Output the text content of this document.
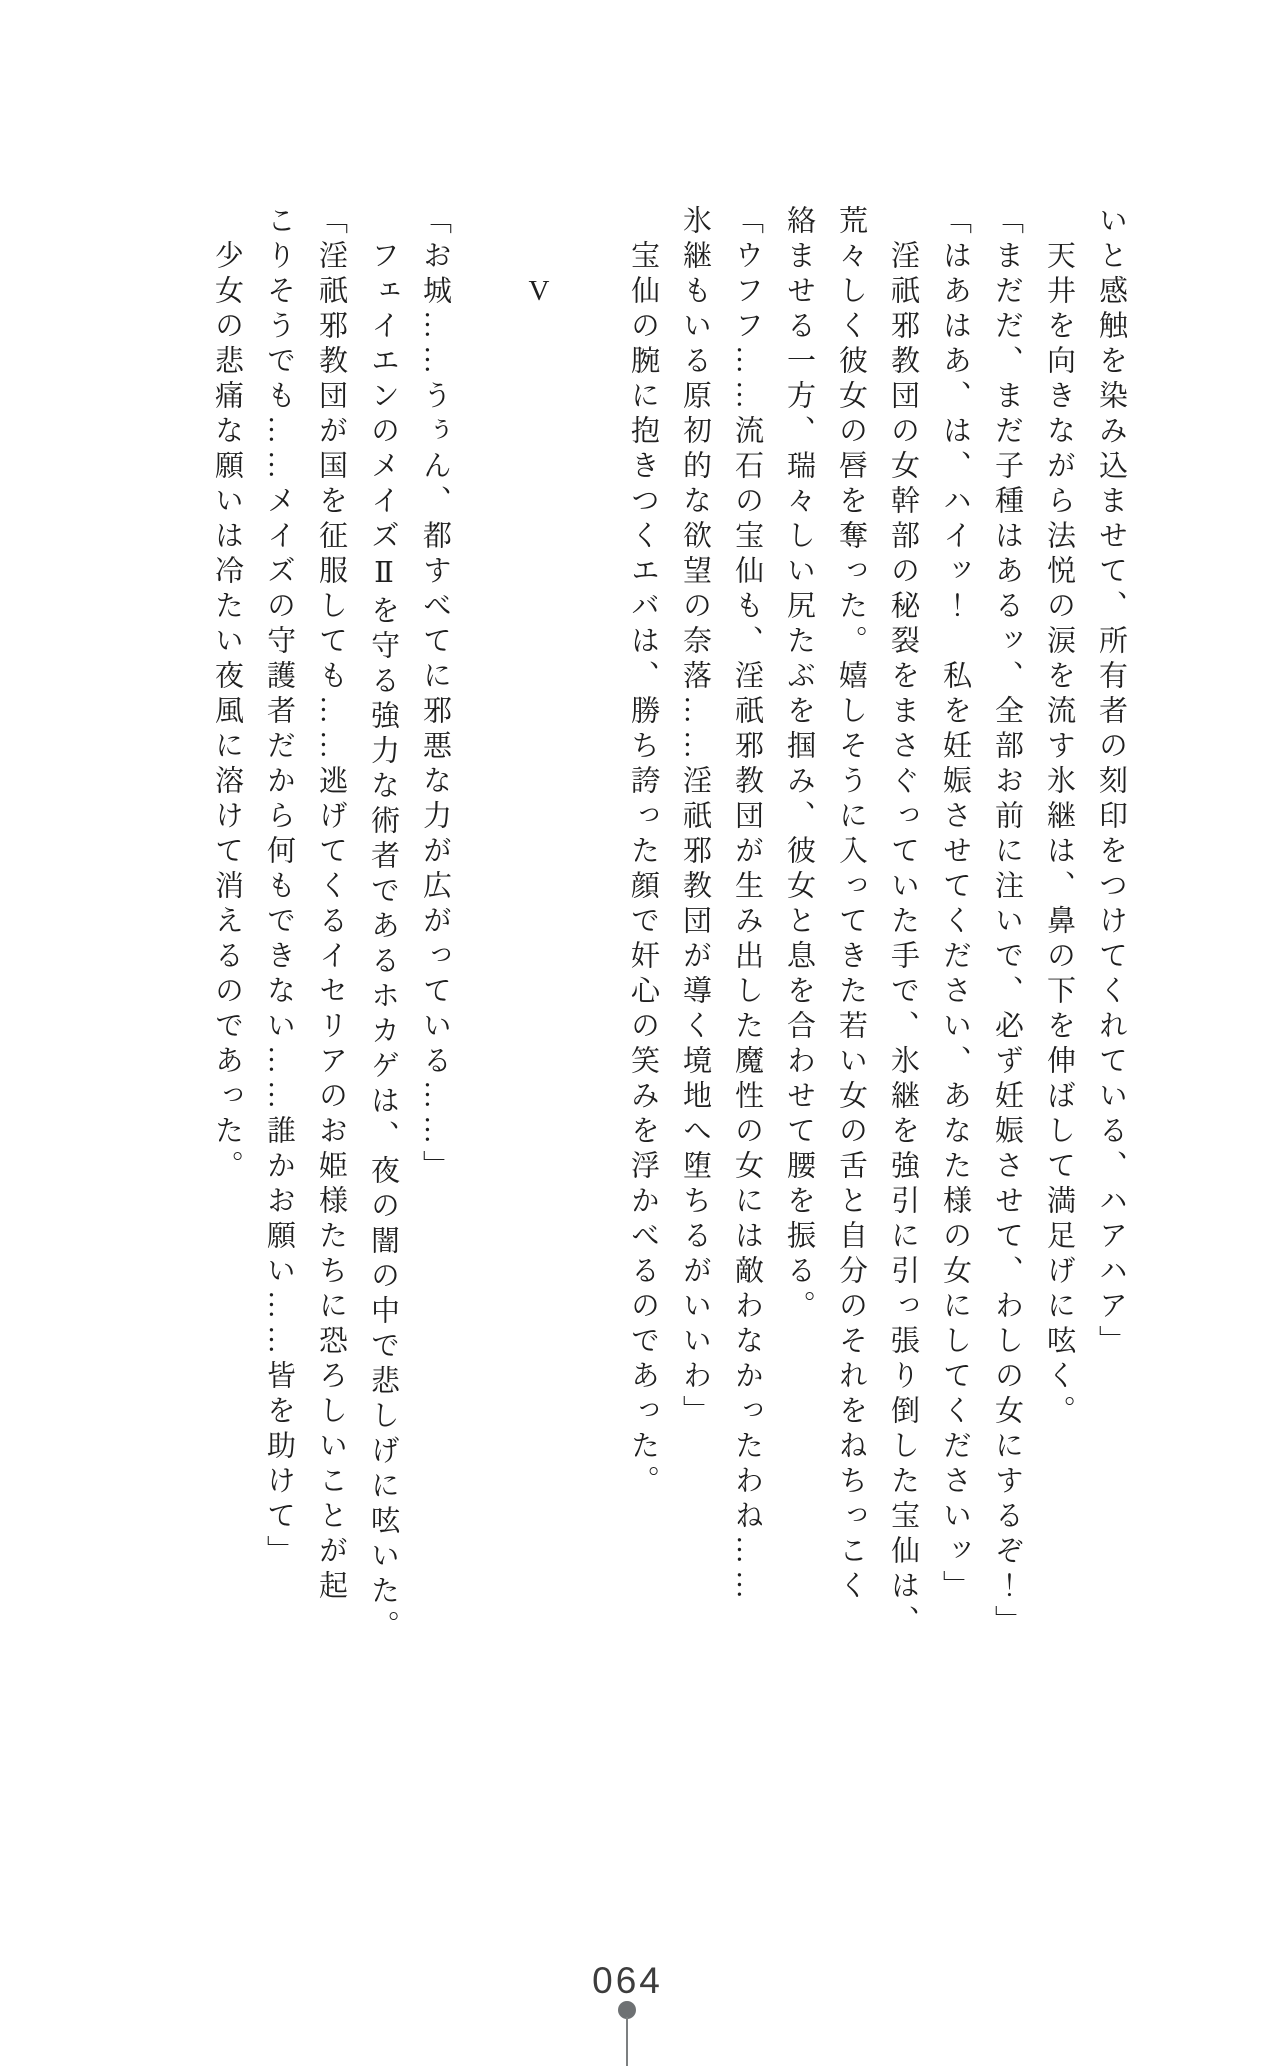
いと感触を染み込ませて、所有者の刻印をつけてくれている、ハアハア」
　天井を向きながら法悦の涙を流す氷継は、鼻の下を伸ばして満足げに呟く。
「まだだ、まだ子種はあるッ、全部お前に注いで、必ず妊娠させて、わしの女にするぞ！」
「はあはあ、は、ハイッ！　私を妊娠させてください、あなた様の女にしてくださいッ」
　淫祇邪教団の女幹部の秘裂をまさぐっていた手で、氷継を強引に引っ張り倒した宝仙は、
荒々しく彼女の唇を奪った。嬉しそうに入ってきた若い女の舌と自分のそれをねちっこく
絡ませる一方、瑞々しい尻たぶを掴み、彼女と息を合わせて腰を振る。
「ウフフ……流石の宝仙も、淫祇邪教団が生み出した魔性の女には敵わなかったわね……
氷継もいる原初的な欲望の奈落……淫祇邪教団が導く境地へ堕ちるがいいわ」
　宝仙の腕に抱きつくエバは、勝ち誇った顔で奸心の笑みを浮かべるのであった。
V
「お城……うぅん、都すべてに邪悪な力が広がっている……」
　フェイエンのメイズⅡを守る強力な術者であるホカゲは、夜の闇の中で悲しげに呟いた。
「淫祇邪教団が国を征服しても……逃げてくるイセリアのお姫様たちに恐ろしいことが起
こりそうでも……メイズの守護者だから何もできない……誰かお願い……皆を助けて」
　少女の悲痛な願いは冷たい夜風に溶けて消えるのであった。
064
